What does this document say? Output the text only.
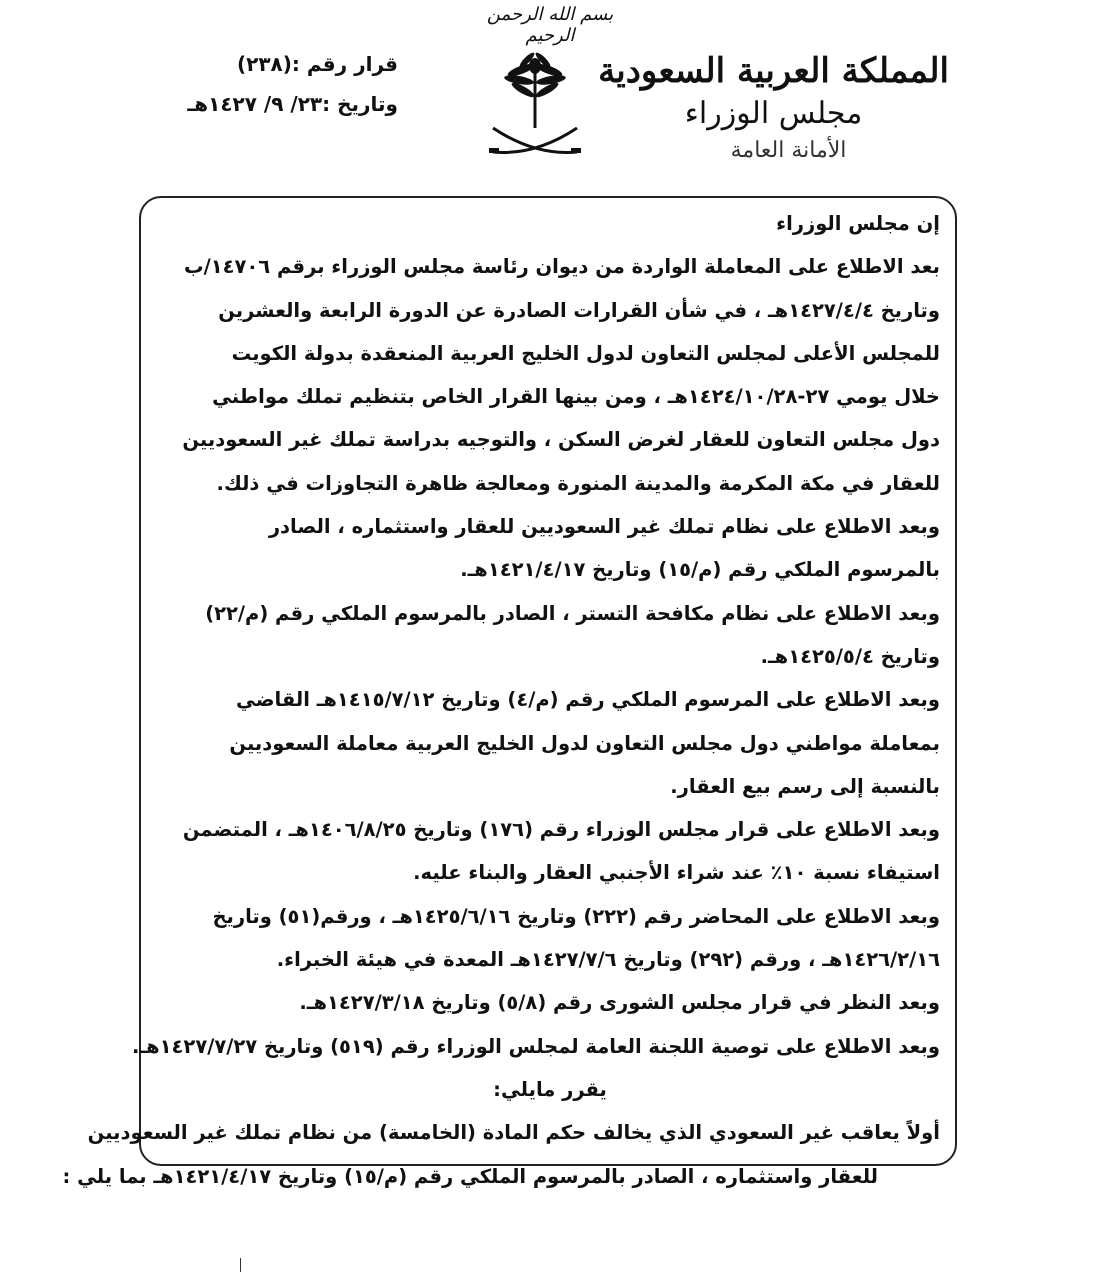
بسم الله الرحمن الرحيم
المملكة العربية السعودية
مجلس الوزراء
الأمانة العامة
قرار رقم :(٢٣٨)
وتاريخ :٢٣/ ٩/ ١٤٢٧هـ
إن مجلس الوزراء
بعد الاطلاع على المعاملة الواردة من ديوان رئاسة مجلس الوزراء برقم ١٤٧٠٦/ب
وتاريخ ١٤٢٧/٤/٤هـ ، في شأن القرارات الصادرة عن الدورة الرابعة والعشرين
للمجلس الأعلى لمجلس التعاون لدول الخليج العربية المنعقدة بدولة الكويت
خلال يومي ٢٧-١٤٢٤/١٠/٢٨هـ ، ومن بينها القرار الخاص بتنظيم تملك مواطني
دول مجلس التعاون للعقار لغرض السكن ، والتوجيه بدراسة تملك غير السعوديين
للعقار في مكة المكرمة والمدينة المنورة ومعالجة ظاهرة التجاوزات في ذلك.
وبعد الاطلاع على نظام تملك غير السعوديين للعقار واستثماره ، الصادر
بالمرسوم الملكي رقم (م/١٥) وتاريخ ١٤٢١/٤/١٧هـ.
وبعد الاطلاع على نظام مكافحة التستر ، الصادر بالمرسوم الملكي رقم (م/٢٢)
وتاريخ ١٤٢٥/٥/٤هـ.
وبعد الاطلاع على المرسوم الملكي رقم (م/٤) وتاريخ ١٤١٥/٧/١٢هـ القاضي
بمعاملة مواطني دول مجلس التعاون لدول الخليج العربية معاملة السعوديين
بالنسبة إلى رسم بيع العقار.
وبعد الاطلاع على قرار مجلس الوزراء رقم (١٧٦) وتاريخ ١٤٠٦/٨/٢٥هـ ، المتضمن
استيفاء نسبة ١٠٪ عند شراء الأجنبي العقار والبناء عليه.
وبعد الاطلاع على المحاضر رقم (٢٢٢) وتاريخ ١٤٢٥/٦/١٦هـ ، ورقم(٥١) وتاريخ
١٤٢٦/٢/١٦هـ ، ورقم (٢٩٢) وتاريخ ١٤٢٧/٧/٦هـ المعدة في هيئة الخبراء.
وبعد النظر في قرار مجلس الشورى رقم (٥/٨) وتاريخ ١٤٢٧/٣/١٨هـ.
وبعد الاطلاع على توصية اللجنة العامة لمجلس الوزراء رقم (٥١٩) وتاريخ ١٤٢٧/٧/٢٧هـ.
يقرر مايلي:
أولاً يعاقب غير السعودي الذي يخالف حكم المادة (الخامسة) من نظام تملك غير السعوديين
للعقار واستثماره ، الصادر بالمرسوم الملكي رقم (م/١٥) وتاريخ ١٤٢١/٤/١٧هـ بما يلي :
